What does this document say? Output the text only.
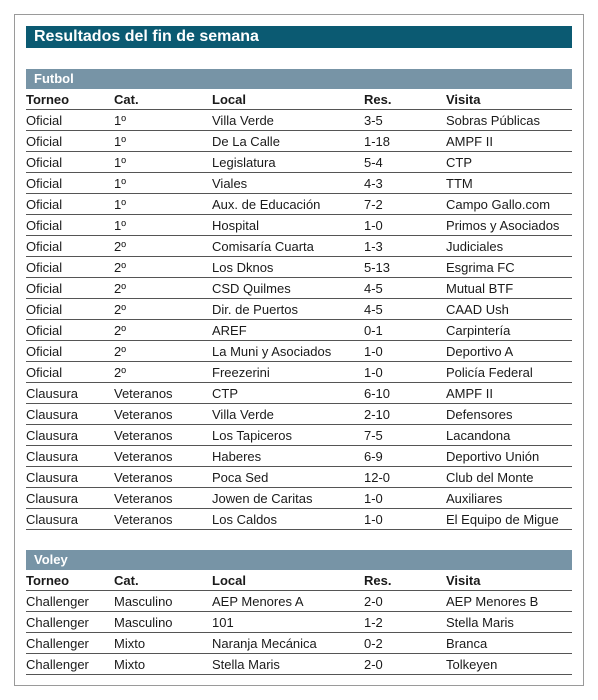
Resultados del fin de semana
Futbol
Torneo	Cat.	Local	Res.	Visita
Oficial	1º	Villa Verde	3-5	Sobras Públicas
Oficial	1º	De La Calle	1-18	AMPF II
Oficial	1º	Legislatura	5-4	CTP
Oficial	1º	Viales	4-3	TTM
Oficial	1º	Aux. de Educación	7-2	Campo Gallo.com
Oficial	1º	Hospital	1-0	Primos y Asociados
Oficial	2º	Comisaría Cuarta	1-3	Judiciales
Oficial	2º	Los Dknos	5-13	Esgrima FC
Oficial	2º	CSD Quilmes	4-5	Mutual BTF
Oficial	2º	Dir. de Puertos	4-5	CAAD Ush
Oficial	2º	AREF	0-1	Carpintería
Oficial	2º	La Muni y Asociados	1-0	Deportivo A
Oficial	2º	Freezerini	1-0	Policía Federal
Clausura	Veteranos	CTP	6-10	AMPF II
Clausura	Veteranos	Villa Verde	2-10	Defensores
Clausura	Veteranos	Los Tapiceros	7-5	Lacandona
Clausura	Veteranos	Haberes	6-9	Deportivo Unión
Clausura	Veteranos	Poca Sed	12-0	Club del Monte
Clausura	Veteranos	Jowen de Caritas	1-0	Auxiliares
Clausura	Veteranos	Los Caldos	1-0	El Equipo de Migue
Voley
Torneo	Cat.	Local	Res.	Visita
Challenger	Masculino	AEP Menores A	2-0	AEP Menores B
Challenger	Masculino	101	1-2	Stella Maris
Challenger	Mixto	Naranja Mecánica	0-2	Branca
Challenger	Mixto	Stella Maris	2-0	Tolkeyen
